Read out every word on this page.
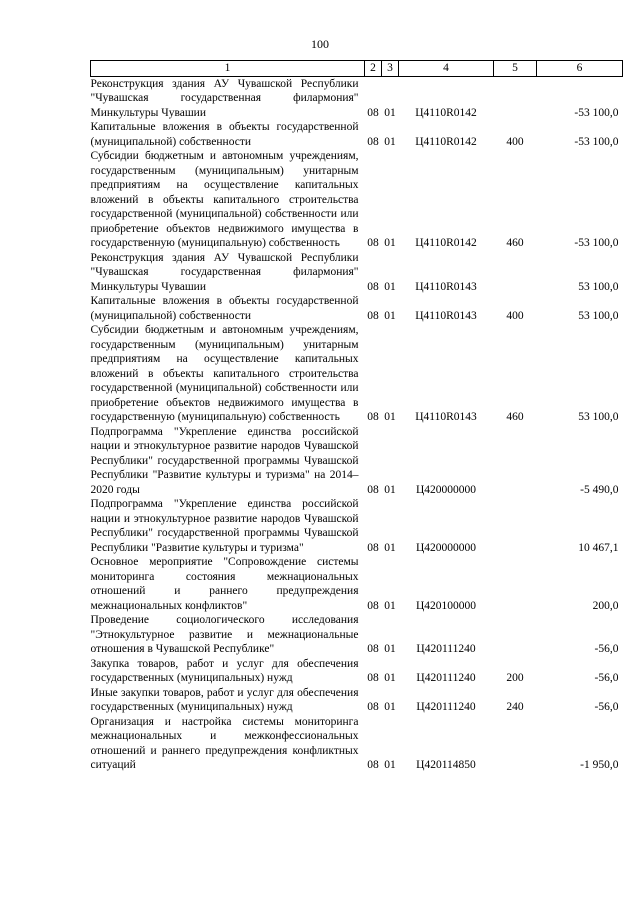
100
1	2	3	4	5	6
Реконструкция здания АУ Чувашской Республики "Чувашская государственная филармония" Минкультуры Чувашии	08	01	Ц4110R0142		-53 100,0
Капитальные вложения в объекты государственной (муниципальной) собственности	08	01	Ц4110R0142	400	-53 100,0
Субсидии бюджетным и автономным учреждениям, государственным (муниципальным) унитарным предприятиям на осуществление капитальных вложений в объекты капитального строительства государственной (муниципальной) собственности или приобретение объектов недвижимого имущества в государственную (муниципальную) собственность	08	01	Ц4110R0142	460	-53 100,0
Реконструкция здания АУ Чувашской Республики "Чувашская государственная филармония" Минкультуры Чувашии	08	01	Ц4110R0143		53 100,0
Капитальные вложения в объекты государственной (муниципальной) собственности	08	01	Ц4110R0143	400	53 100,0
Субсидии бюджетным и автономным учреждениям, государственным (муниципальным) унитарным предприятиям на осуществление капитальных вложений в объекты капитального строительства государственной (муниципальной) собственности или приобретение объектов недвижимого имущества в государственную (муниципальную) собственность	08	01	Ц4110R0143	460	53 100,0
Подпрограмма "Укрепление единства российской нации и этнокультурное развитие народов Чувашской Республики" государственной программы Чувашской Республики "Развитие культуры и туризма" на 2014–2020 годы	08	01	Ц420000000		-5 490,0
Подпрограмма "Укрепление единства российской нации и этнокультурное развитие народов Чувашской Республики" государственной программы Чувашской Республики "Развитие культуры и туризма"	08	01	Ц420000000		10 467,1
Основное мероприятие "Сопровождение системы мониторинга состояния межнациональных отношений и раннего предупреждения межнациональных конфликтов"	08	01	Ц420100000		200,0
Проведение социологического исследования "Этнокультурное развитие и межнациональные отношения в Чувашской Республике"	08	01	Ц420111240		-56,0
Закупка товаров, работ и услуг для обеспечения государственных (муниципальных) нужд	08	01	Ц420111240	200	-56,0
Иные закупки товаров, работ и услуг для обеспечения государственных (муниципальных) нужд	08	01	Ц420111240	240	-56,0
Организация и настройка системы мониторинга межнациональных и межконфессиональных отношений и раннего предупреждения конфликтных ситуаций	08	01	Ц420114850		-1 950,0
